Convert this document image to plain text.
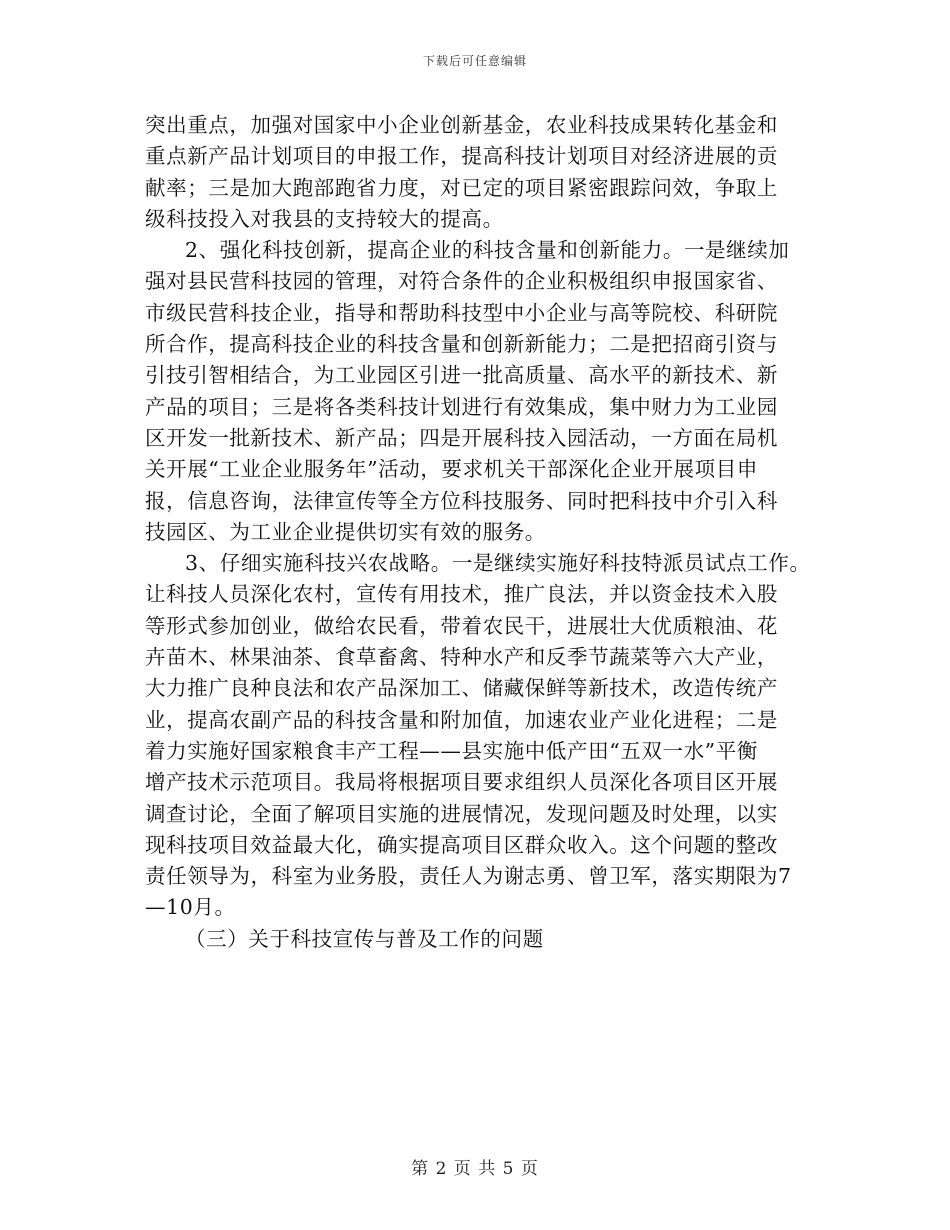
下载后可任意编辑
突出重点，加强对国家中小企业创新基金，农业科技成果转化基金和
重点新产品计划项目的申报工作，提高科技计划项目对经济进展的贡
献率；三是加大跑部跑省力度，对已定的项目紧密跟踪问效，争取上
级科技投入对我县的支持较大的提高。
2、强化科技创新，提高企业的科技含量和创新能力。一是继续加
强对县民营科技园的管理，对符合条件的企业积极组织申报国家省、
市级民营科技企业，指导和帮助科技型中小企业与高等院校、科研院
所合作，提高科技企业的科技含量和创新新能力；二是把招商引资与
引技引智相结合，为工业园区引进一批高质量、高水平的新技术、新
产品的项目；三是将各类科技计划进行有效集成，集中财力为工业园
区开发一批新技术、新产品；四是开展科技入园活动，一方面在局机
关开展“工业企业服务年”活动，要求机关干部深化企业开展项目申
报，信息咨询，法律宣传等全方位科技服务、同时把科技中介引入科
技园区、为工业企业提供切实有效的服务。
3、仔细实施科技兴农战略。一是继续实施好科技特派员试点工作。
让科技人员深化农村，宣传有用技术，推广良法，并以资金技术入股
等形式参加创业，做给农民看，带着农民干，进展壮大优质粮油、花
卉苗木、林果油茶、食草畜禽、特种水产和反季节蔬菜等六大产业，
大力推广良种良法和农产品深加工、储藏保鲜等新技术，改造传统产
业，提高农副产品的科技含量和附加值，加速农业产业化进程；二是
着力实施好国家粮食丰产工程——县实施中低产田“五双一水”平衡
增产技术示范项目。我局将根据项目要求组织人员深化各项目区开展
调查讨论，全面了解项目实施的进展情况，发现问题及时处理，以实
现科技项目效益最大化，确实提高项目区群众收入。这个问题的整改
责任领导为，科室为业务股，责任人为谢志勇、曾卫军，落实期限为7
—10月。
（三）关于科技宣传与普及工作的问题
第 2 页 共 5 页
